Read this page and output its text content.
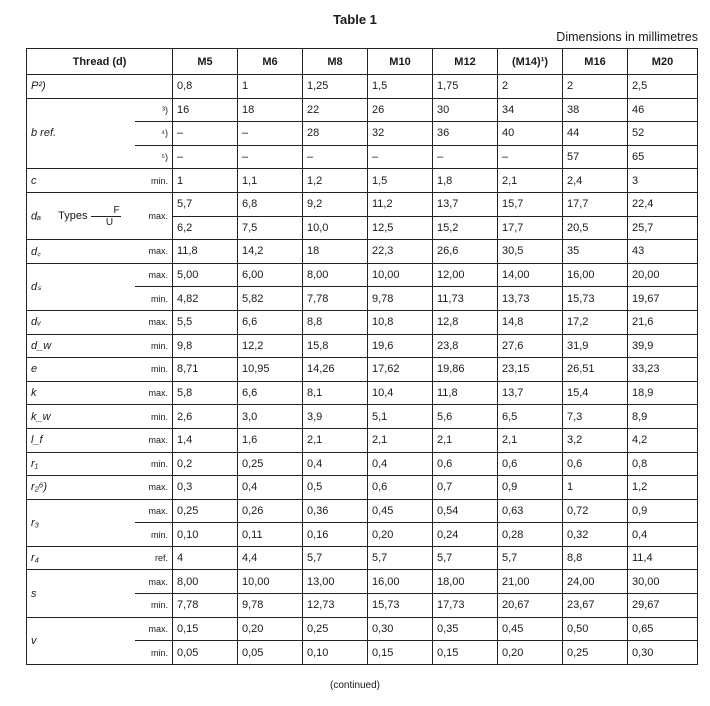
Table 1
Dimensions in millimetres
Thread (d)		M5	M6	M8	M10	M12	(M14)¹)	M16	M20
P²)		0,8	1	1,25	1,5	1,75	2	2	2,5
b ref.	³)	16	18	22	26	30	34	38	46
	⁴)	–	–	28	32	36	40	44	52
	⁵)	–	–	–	–	–	–	57	65
c	min.	1	1,1	1,2	1,5	1,8	2,1	2,4	3
dₐ Types $\frac{F}{U}$	max.	5,7	6,8	9,2	11,2	13,7	15,7	17,7	22,4
		6,2	7,5	10,0	12,5	15,2	17,7	20,5	25,7
d꜀	max.	11,8	14,2	18	22,3	26,6	30,5	35	43
dₛ	max.	5,00	6,00	8,00	10,00	12,00	14,00	16,00	20,00
	min.	4,82	5,82	7,78	9,78	11,73	13,73	15,73	19,67
dᵥ	max.	5,5	6,6	8,8	10,8	12,8	14,8	17,2	21,6
d_w	min.	9,8	12,2	15,8	19,6	23,8	27,6	31,9	39,9
e	min.	8,71	10,95	14,26	17,62	19,86	23,15	26,51	33,23
k	max.	5,8	6,6	8,1	10,4	11,8	13,7	15,4	18,9
k_w	min.	2,6	3,0	3,9	5,1	5,6	6,5	7,3	8,9
l_f	max.	1,4	1,6	2,1	2,1	2,1	2,1	3,2	4,2
r₁	min.	0,2	0,25	0,4	0,4	0,6	0,6	0,6	0,8
r₂⁶)	max.	0,3	0,4	0,5	0,6	0,7	0,9	1	1,2
r₃	max.	0,25	0,26	0,36	0,45	0,54	0,63	0,72	0,9
	min.	0,10	0,11	0,16	0,20	0,24	0,28	0,32	0,4
r₄	ref.	4	4,4	5,7	5,7	5,7	5,7	8,8	11,4
s	max.	8,00	10,00	13,00	16,00	18,00	21,00	24,00	30,00
	min.	7,78	9,78	12,73	15,73	17,73	20,67	23,67	29,67
v	max.	0,15	0,20	0,25	0,30	0,35	0,45	0,50	0,65
	min.	0,05	0,05	0,10	0,15	0,15	0,20	0,25	0,30
(continued)
